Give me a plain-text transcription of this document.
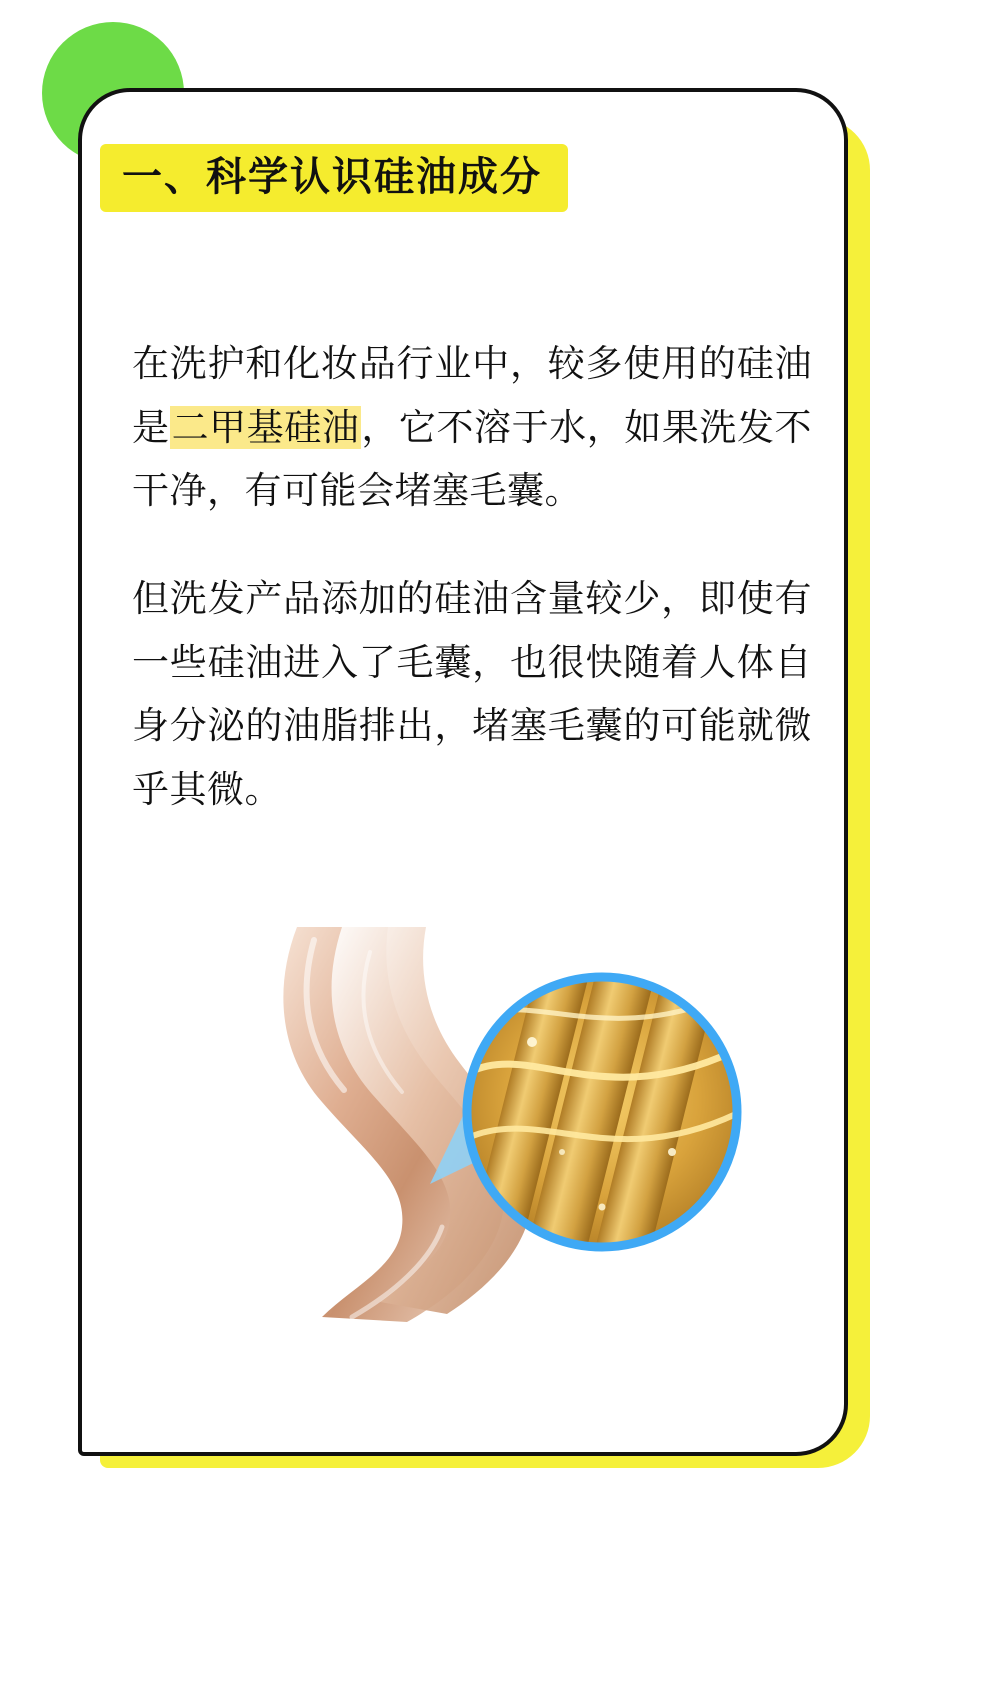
一、科学认识硅油成分

在洗护和化妆品行业中，较多使用的硅油是二甲基硅油，它不溶于水，如果洗发不干净，有可能会堵塞毛囊。

但洗发产品添加的硅油含量较少，即使有一些硅油进入了毛囊，也很快随着人体自身分泌的油脂排出，堵塞毛囊的可能就微乎其微。
